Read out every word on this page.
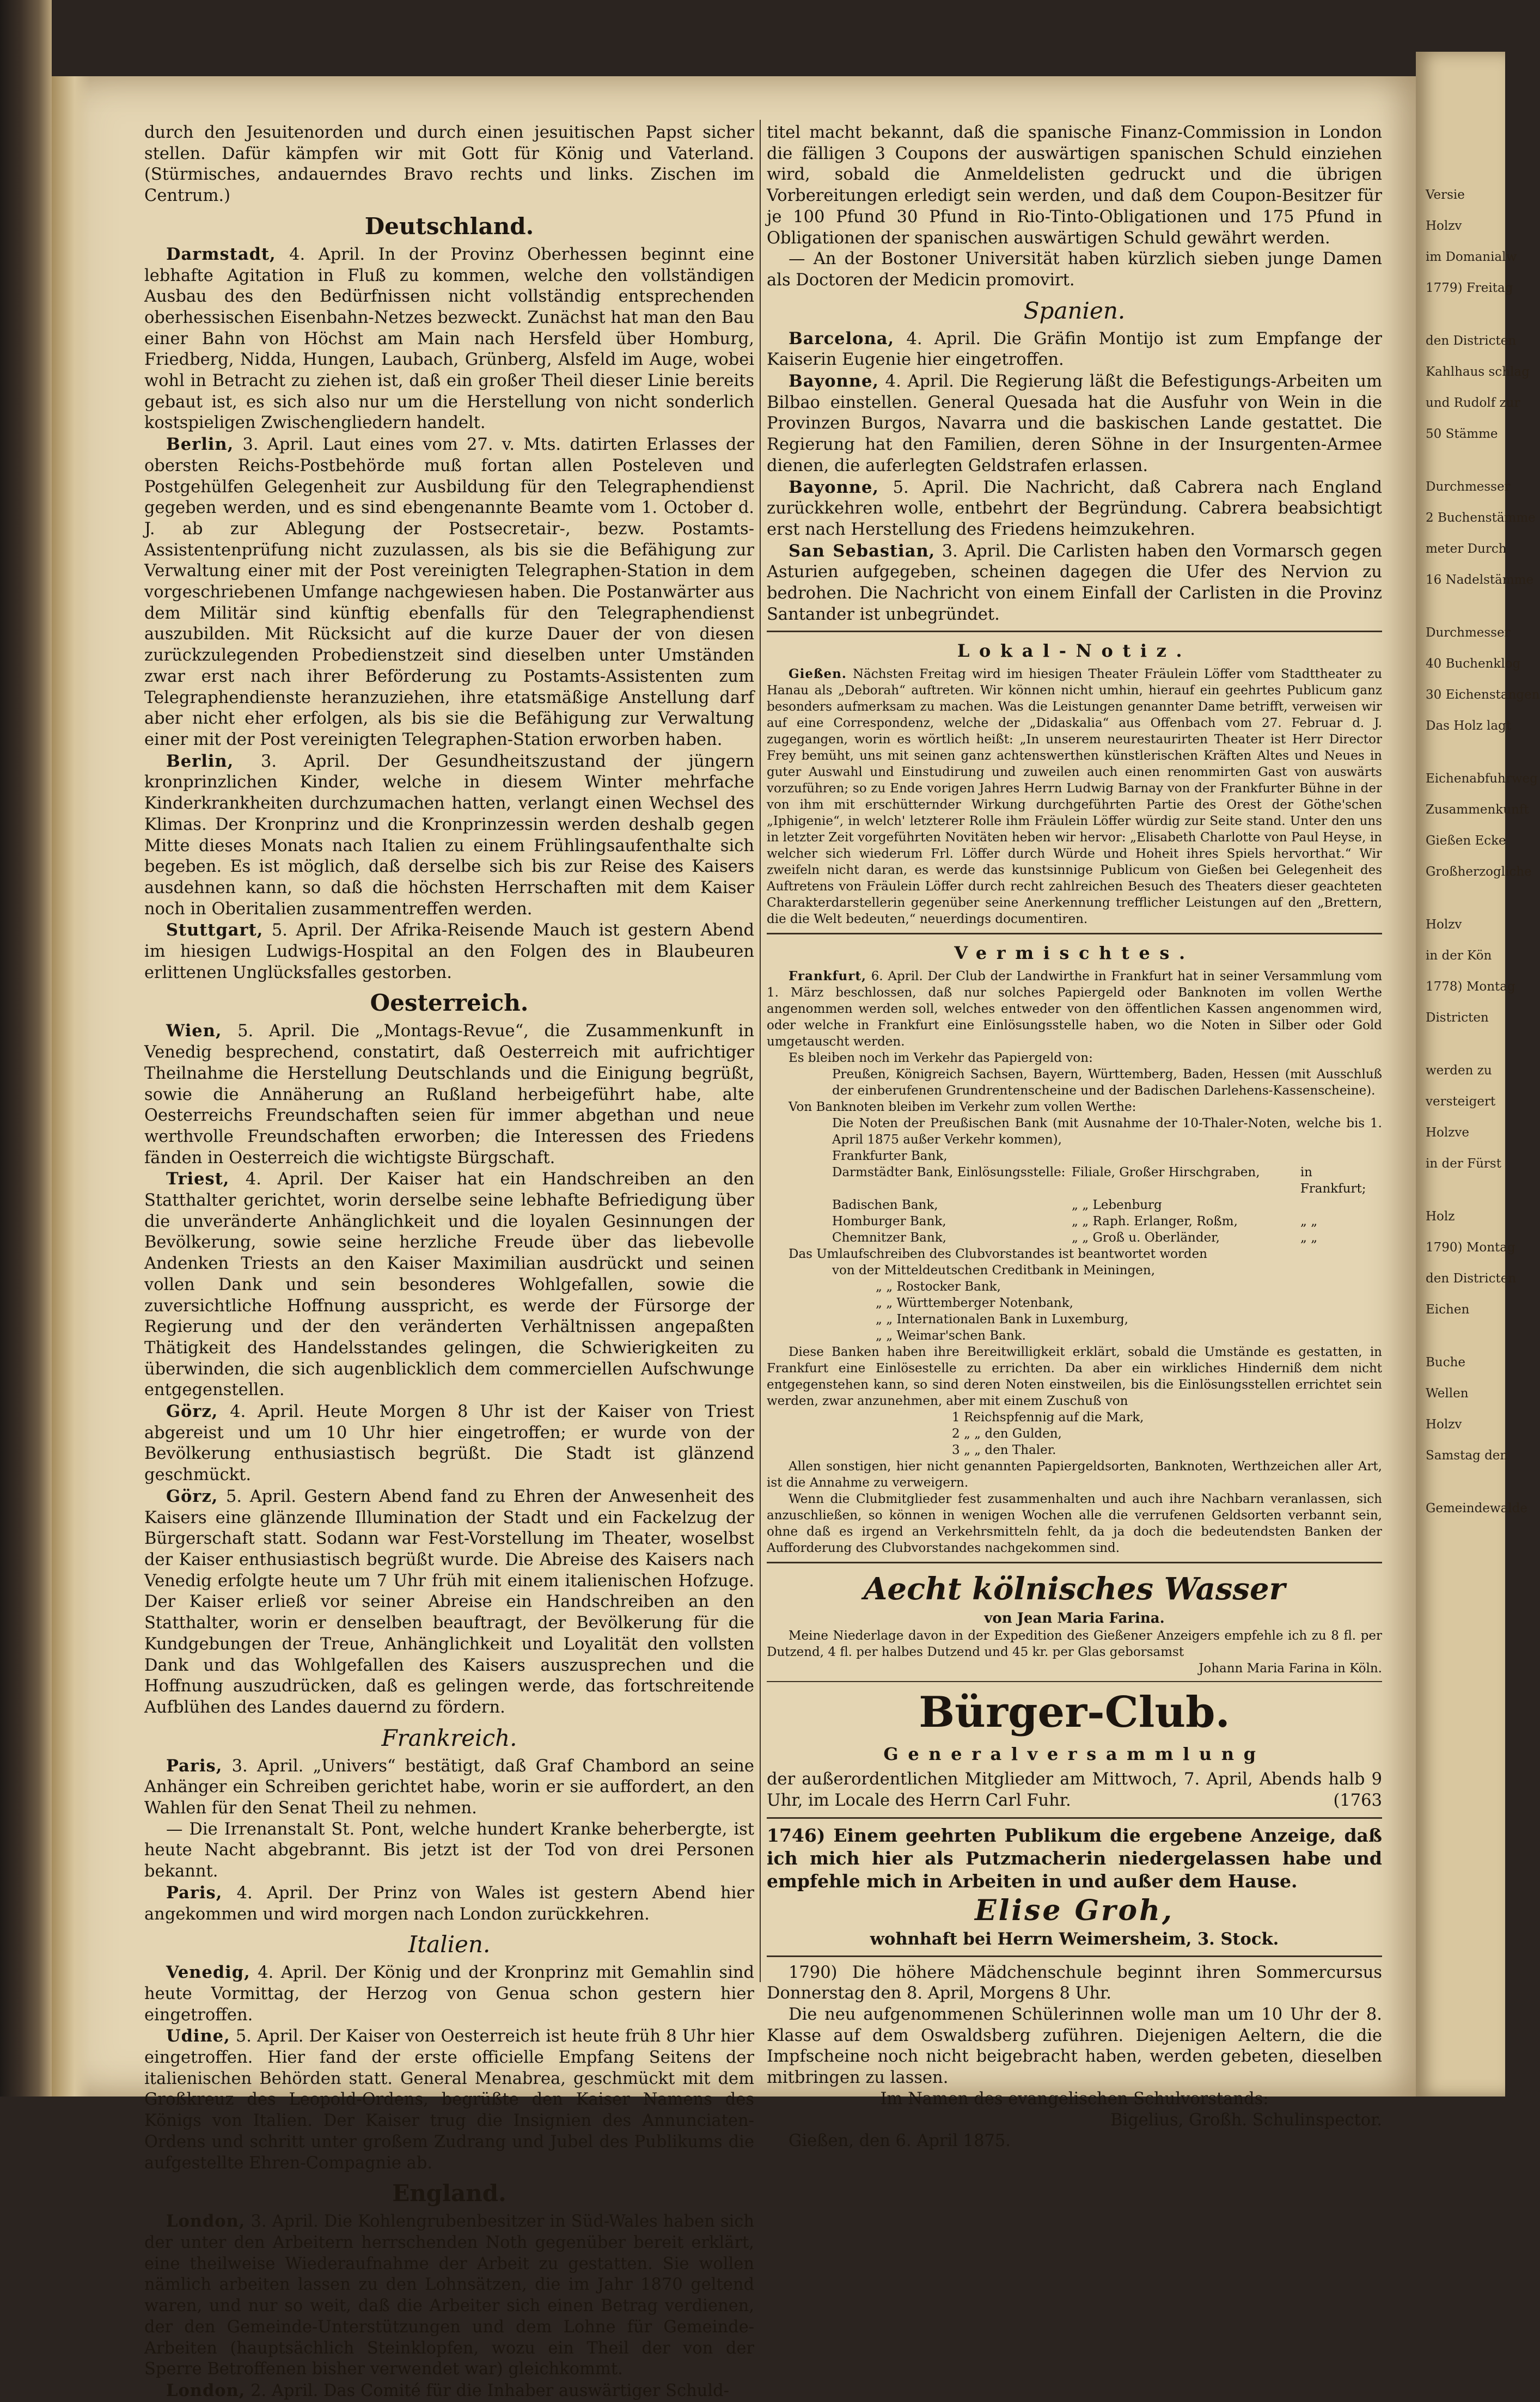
Versie
Holzv
im Domanialw
1779) Freitag
den Districten
Kahlhaus schlag
und Rudolf zur
50 Stämme
Durchmesser
2 Buchenstämme
meter Durch
16 Nadelstämme
Durchmesser
40 Buchenklog
30 Eichenstangen
Das Holz lagt
Eichenabfuhrweg
Zusammenkunft
Gießen Ecke
Großherzogliche
Holzv
in der Kön
1778) Montag
Districten
werden zu
versteigert
Holzve
in der Fürst
Holz
1790) Montag
den Districten
Eichen
Buche
Wellen
Holzv
Samstag den
Gemeindewalde

durch den Jesuitenorden und durch einen jesuitischen Papst sicher stellen. Dafür kämpfen wir mit Gott für König und Vaterland. (Stürmisches, andauerndes Bravo rechts und links. Zischen im Centrum.)

Deutschland.

Darmstadt, 4. April. In der Provinz Oberhessen beginnt eine lebhafte Agitation in Fluß zu kommen, welche den vollständigen Ausbau des den Bedürfnissen nicht vollständig entsprechenden oberhessischen Eisenbahn-Netzes bezweckt. Zunächst hat man den Bau einer Bahn von Höchst am Main nach Hersfeld über Homburg, Friedberg, Nidda, Hungen, Laubach, Grünberg, Alsfeld im Auge, wobei wohl in Betracht zu ziehen ist, daß ein großer Theil dieser Linie bereits gebaut ist, es sich also nur um die Herstellung von nicht sonderlich kostspieligen Zwischengliedern handelt.

Berlin, 3. April. Laut eines vom 27. v. Mts. datirten Erlasses der obersten Reichs-Postbehörde muß fortan allen Posteleven und Postgehülfen Gelegenheit zur Ausbildung für den Telegraphendienst gegeben werden, und es sind ebengenannte Beamte vom 1. October d. J. ab zur Ablegung der Postsecretair-, bezw. Postamts-Assistentenprüfung nicht zuzulassen, als bis sie die Befähigung zur Verwaltung einer mit der Post vereinigten Telegraphen-Station in dem vorgeschriebenen Umfange nachgewiesen haben. Die Postanwärter aus dem Militär sind künftig ebenfalls für den Telegraphendienst auszubilden. Mit Rücksicht auf die kurze Dauer der von diesen zurückzulegenden Probedienstzeit sind dieselben unter Umständen zwar erst nach ihrer Beförderung zu Postamts-Assistenten zum Telegraphendienste heranzuziehen, ihre etatsmäßige Anstellung darf aber nicht eher erfolgen, als bis sie die Befähigung zur Verwaltung einer mit der Post vereinigten Telegraphen-Station erworben haben.

Berlin, 3. April. Der Gesundheitszustand der jüngern kronprinzlichen Kinder, welche in diesem Winter mehrfache Kinderkrankheiten durchzumachen hatten, verlangt einen Wechsel des Klimas. Der Kronprinz und die Kronprinzessin werden deshalb gegen Mitte dieses Monats nach Italien zu einem Frühlingsaufenthalte sich begeben. Es ist möglich, daß derselbe sich bis zur Reise des Kaisers ausdehnen kann, so daß die höchsten Herrschaften mit dem Kaiser noch in Oberitalien zusammentreffen werden.

Stuttgart, 5. April. Der Afrika-Reisende Mauch ist gestern Abend im hiesigen Ludwigs-Hospital an den Folgen des in Blaubeuren erlittenen Unglücksfalles gestorben.

Oesterreich.

Wien, 5. April. Die „Montags-Revue“, die Zusammenkunft in Venedig besprechend, constatirt, daß Oesterreich mit aufrichtiger Theilnahme die Herstellung Deutschlands und die Einigung begrüßt, sowie die Annäherung an Rußland herbeigeführt habe, alte Oesterreichs Freundschaften seien für immer abgethan und neue werthvolle Freundschaften erworben; die Interessen des Friedens fänden in Oesterreich die wichtigste Bürgschaft.

Triest, 4. April. Der Kaiser hat ein Handschreiben an den Statthalter gerichtet, worin derselbe seine lebhafte Befriedigung über die unveränderte Anhänglichkeit und die loyalen Gesinnungen der Bevölkerung, sowie seine herzliche Freude über das liebevolle Andenken Triests an den Kaiser Maximilian ausdrückt und seinen vollen Dank und sein besonderes Wohlgefallen, sowie die zuversichtliche Hoffnung ausspricht, es werde der Fürsorge der Regierung und der den veränderten Verhältnissen angepaßten Thätigkeit des Handelsstandes gelingen, die Schwierigkeiten zu überwinden, die sich augenblicklich dem commerciellen Aufschwunge entgegenstellen.

Görz, 4. April. Heute Morgen 8 Uhr ist der Kaiser von Triest abgereist und um 10 Uhr hier eingetroffen; er wurde von der Bevölkerung enthusiastisch begrüßt. Die Stadt ist glänzend geschmückt.

Görz, 5. April. Gestern Abend fand zu Ehren der Anwesenheit des Kaisers eine glänzende Illumination der Stadt und ein Fackelzug der Bürgerschaft statt. Sodann war Fest-Vorstellung im Theater, woselbst der Kaiser enthusiastisch begrüßt wurde. Die Abreise des Kaisers nach Venedig erfolgte heute um 7 Uhr früh mit einem italienischen Hofzuge. Der Kaiser erließ vor seiner Abreise ein Handschreiben an den Statthalter, worin er denselben beauftragt, der Bevölkerung für die Kundgebungen der Treue, Anhänglichkeit und Loyalität den vollsten Dank und das Wohlgefallen des Kaisers auszusprechen und die Hoffnung auszudrücken, daß es gelingen werde, das fortschreitende Aufblühen des Landes dauernd zu fördern.

Frankreich.

Paris, 3. April. „Univers“ bestätigt, daß Graf Chambord an seine Anhänger ein Schreiben gerichtet habe, worin er sie auffordert, an den Wahlen für den Senat Theil zu nehmen.

— Die Irrenanstalt St. Pont, welche hundert Kranke beherbergte, ist heute Nacht abgebrannt. Bis jetzt ist der Tod von drei Personen bekannt.

Paris, 4. April. Der Prinz von Wales ist gestern Abend hier angekommen und wird morgen nach London zurückkehren.

Italien.

Venedig, 4. April. Der König und der Kronprinz mit Gemahlin sind heute Vormittag, der Herzog von Genua schon gestern hier eingetroffen.

Udine, 5. April. Der Kaiser von Oesterreich ist heute früh 8 Uhr hier eingetroffen. Hier fand der erste officielle Empfang Seitens der italienischen Behörden statt. General Menabrea, geschmückt mit dem Großkreuz des Leopold-Ordens, begrüßte den Kaiser Namens des Königs von Italien. Der Kaiser trug die Insignien des Annunciaten-Ordens und schritt unter großem Zudrang und Jubel des Publikums die aufgestellte Ehren-Compagnie ab.

England.

London, 3. April. Die Kohlengrubenbesitzer in Süd-Wales haben sich der unter den Arbeitern herrschenden Noth gegenüber bereit erklärt, eine theilweise Wiederaufnahme der Arbeit zu gestatten. Sie wollen nämlich arbeiten lassen zu den Lohnsätzen, die im Jahr 1870 geltend waren, und nur so weit, daß die Arbeiter sich einen Betrag verdienen, der den Gemeinde-Unterstützungen und dem Lohne für Gemeinde-Arbeiten (hauptsächlich Steinklopfen, wozu ein Theil der von der Sperre Betroffenen bisher verwendet war) gleichkommt.

London, 2. April. Das Comité für die Inhaber auswärtiger Schuld-

titel macht bekannt, daß die spanische Finanz-Commission in London die fälligen 3 Coupons der auswärtigen spanischen Schuld einziehen wird, sobald die Anmeldelisten gedruckt und die übrigen Vorbereitungen erledigt sein werden, und daß dem Coupon-Besitzer für je 100 Pfund 30 Pfund in Rio-Tinto-Obligationen und 175 Pfund in Obligationen der spanischen auswärtigen Schuld gewährt werden.

— An der Bostoner Universität haben kürzlich sieben junge Damen als Doctoren der Medicin promovirt.

Spanien.

Barcelona, 4. April. Die Gräfin Montijo ist zum Empfange der Kaiserin Eugenie hier eingetroffen.

Bayonne, 4. April. Die Regierung läßt die Befestigungs-Arbeiten um Bilbao einstellen. General Quesada hat die Ausfuhr von Wein in die Provinzen Burgos, Navarra und die baskischen Lande gestattet. Die Regierung hat den Familien, deren Söhne in der Insurgenten-Armee dienen, die auferlegten Geldstrafen erlassen.

Bayonne, 5. April. Die Nachricht, daß Cabrera nach England zurückkehren wolle, entbehrt der Begründung. Cabrera beabsichtigt erst nach Herstellung des Friedens heimzukehren.

San Sebastian, 3. April. Die Carlisten haben den Vormarsch gegen Asturien aufgegeben, scheinen dagegen die Ufer des Nervion zu bedrohen. Die Nachricht von einem Einfall der Carlisten in die Provinz Santander ist unbegründet.

Lokal-Notiz.

Gießen. Nächsten Freitag wird im hiesigen Theater Fräulein Löffer vom Stadttheater zu Hanau als „Deborah“ auftreten. Wir können nicht umhin, hierauf ein geehrtes Publicum ganz besonders aufmerksam zu machen. Was die Leistungen genannter Dame betrifft, verweisen wir auf eine Correspondenz, welche der „Didaskalia“ aus Offenbach vom 27. Februar d. J. zugegangen, worin es wörtlich heißt: „In unserem neurestaurirten Theater ist Herr Director Frey bemüht, uns mit seinen ganz achtenswerthen künstlerischen Kräften Altes und Neues in guter Auswahl und Einstudirung und zuweilen auch einen renommirten Gast von auswärts vorzuführen; so zu Ende vorigen Jahres Herrn Ludwig Barnay von der Frankfurter Bühne in der von ihm mit erschütternder Wirkung durchgeführten Partie des Orest der Göthe'schen „Iphigenie“, in welch' letzterer Rolle ihm Fräulein Löffer würdig zur Seite stand. Unter den uns in letzter Zeit vorgeführten Novitäten heben wir hervor: „Elisabeth Charlotte von Paul Heyse, in welcher sich wiederum Frl. Löffer durch Würde und Hoheit ihres Spiels hervorthat.“ Wir zweifeln nicht daran, es werde das kunstsinnige Publicum von Gießen bei Gelegenheit des Auftretens von Fräulein Löffer durch recht zahlreichen Besuch des Theaters dieser geachteten Charakterdarstellerin gegenüber seine Anerkennung trefflicher Leistungen auf den „Brettern, die die Welt bedeuten,“ neuerdings documentiren.

Vermischtes.

Frankfurt, 6. April. Der Club der Landwirthe in Frankfurt hat in seiner Versammlung vom 1. März beschlossen, daß nur solches Papiergeld oder Banknoten im vollen Werthe angenommen werden soll, welches entweder von den öffentlichen Kassen angenommen wird, oder welche in Frankfurt eine Einlösungsstelle haben, wo die Noten in Silber oder Gold umgetauscht werden.

Es bleiben noch im Verkehr das Papiergeld von:

Preußen, Königreich Sachsen, Bayern, Württemberg, Baden, Hessen (mit Ausschluß der einberufenen Grundrentenscheine und der Badischen Darlehens-Kassenscheine).

Von Banknoten bleiben im Verkehr zum vollen Werthe:

Die Noten der Preußischen Bank (mit Ausnahme der 10-Thaler-Noten, welche bis 1. April 1875 außer Verkehr kommen),

Frankfurter Bank,
Darmstädter Bank, Einlösungsstelle: Filiale, Großer Hirschgraben,	in Frankfurt;
Badischen Bank,	„ „ Lebenburg
Homburger Bank,	„ „ Raph. Erlanger, Roßm,	„ „
Chemnitzer Bank,	„ „ Groß u. Oberländer,	„ „

Das Umlaufschreiben des Clubvorstandes ist beantwortet worden

von der Mitteldeutschen Creditbank in Meiningen,

„ „ Rostocker Bank,
„ „ Württemberger Notenbank,
„ „ Internationalen Bank in Luxemburg,
„ „ Weimar'schen Bank.

Diese Banken haben ihre Bereitwilligkeit erklärt, sobald die Umstände es gestatten, in Frankfurt eine Einlösestelle zu errichten. Da aber ein wirkliches Hinderniß dem nicht entgegenstehen kann, so sind deren Noten einstweilen, bis die Einlösungsstellen errichtet sein werden, zwar anzunehmen, aber mit einem Zuschuß von

1 Reichspfennig auf die Mark,
2 „ „ den Gulden,
3 „ „ den Thaler.

Allen sonstigen, hier nicht genannten Papiergeldsorten, Banknoten, Werthzeichen aller Art, ist die Annahme zu verweigern.

Wenn die Clubmitglieder fest zusammenhalten und auch ihre Nachbarn veranlassen, sich anzuschließen, so können in wenigen Wochen alle die verrufenen Geldsorten verbannt sein, ohne daß es irgend an Verkehrsmitteln fehlt, da ja doch die bedeutendsten Banken der Aufforderung des Clubvorstandes nachgekommen sind.

Aecht kölnisches Wasser
von Jean Maria Farina.

Meine Niederlage davon in der Expedition des Gießener Anzeigers empfehle ich zu 8 fl. per Dutzend, 4 fl. per halbes Dutzend und 45 kr. per Glas geborsamst

Johann Maria Farina in Köln.

Bürger-Club.
Generalversammlung

der außerordentlichen Mitglieder am Mittwoch, 7. April, Abends halb 9 Uhr, im Locale des Herrn Carl Fuhr.	(1763

1746) Einem geehrten Publikum die ergebene Anzeige, daß ich mich hier als Putzmacherin niedergelassen habe und empfehle mich in Arbeiten in und außer dem Hause.

Elise Groh,
wohnhaft bei Herrn Weimersheim, 3. Stock.

1790) Die höhere Mädchenschule beginnt ihren Sommercursus Donnerstag den 8. April, Morgens 8 Uhr.

Die neu aufgenommenen Schülerinnen wolle man um 10 Uhr der 8. Klasse auf dem Oswaldsberg zuführen. Diejenigen Aeltern, die die Impfscheine noch nicht beigebracht haben, werden gebeten, dieselben mitbringen zu lassen.

Im Namen des evangelischen Schulvorstands:

Bigelius, Großh. Schulinspector.

Gießen, den 6. April 1875.
